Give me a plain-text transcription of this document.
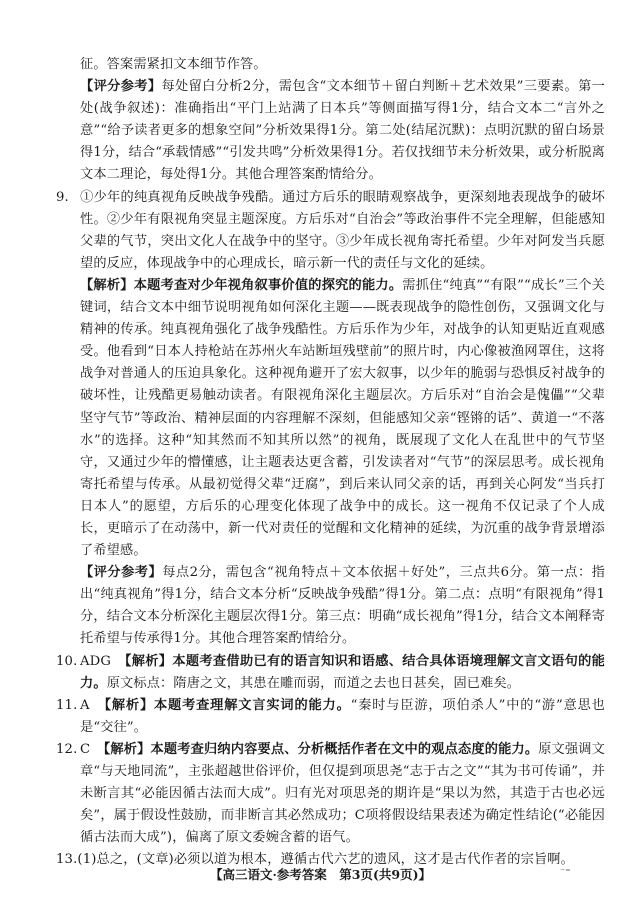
征。答案需紧扣文本细节作答。

【评分参考】每处留白分析2分，需包含“文本细节＋留白判断＋艺术效果”三要素。第一处(战争叙述)：准确指出“平门上站满了日本兵”等侧面描写得1分，结合文本二“言外之意”“给予读者更多的想象空间”分析效果得1分。第二处(结尾沉默)：点明沉默的留白场景得1分，结合“承载情感”“引发共鸣”分析效果得1分。若仅找细节未分析效果，或分析脱离文本二理论，每处得1分。其他合理答案酌情给分。

9. ①少年的纯真视角反映战争残酷。通过方后乐的眼睛观察战争，更深刻地表现战争的破坏性。②少年有限视角突显主题深度。方后乐对“自治会”等政治事件不完全理解，但能感知父辈的气节，突出文化人在战争中的坚守。③少年成长视角寄托希望。少年对阿发当兵愿望的反应，体现战争中的心理成长，暗示新一代的责任与文化的延续。

【解析】本题考查对少年视角叙事价值的探究的能力。需抓住“纯真”“有限”“成长”三个关键词，结合文本中细节说明视角如何深化主题——既表现战争的隐性创伤，又强调文化与精神的传承。纯真视角强化了战争残酷性。方后乐作为少年，对战争的认知更贴近直观感受。他看到“日本人持枪站在苏州火车站断垣残壁前”的照片时，内心像被渔网罩住，这将战争对普通人的压迫具象化。这种视角避开了宏大叙事，以少年的脆弱与恐惧反衬战争的破坏性，让残酷更易触动读者。有限视角深化主题层次。方后乐对“自治会是傀儡”“父辈坚守气节”等政治、精神层面的内容理解不深刻，但能感知父亲“铿锵的话”、黄道一“不落水”的选择。这种“知其然而不知其所以然”的视角，既展现了文化人在乱世中的气节坚守，又通过少年的懵懂感，让主题表达更含蓄，引发读者对“气节”的深层思考。成长视角寄托希望与传承。从最初觉得父辈“迂腐”，到后来认同父亲的话，再到关心阿发“当兵打日本人”的愿望，方后乐的心理变化体现了战争中的成长。这一视角不仅记录了个人成长，更暗示了在动荡中，新一代对责任的觉醒和文化精神的延续，为沉重的战争背景增添了希望感。

【评分参考】每点2分，需包含“视角特点＋文本依据＋好处”，三点共6分。第一点：指出“纯真视角”得1分，结合文本分析“反映战争残酷”得1分。第二点：点明“有限视角”得1分，结合文本分析深化主题层次得1分。第三点：明确“成长视角”得1分，结合文本阐释寄托希望与传承得1分。其他合理答案酌情给分。

10. ADG　 【解析】本题考查借助已有的语言知识和语感、结合具体语境理解文言文语句的能力。原文标点：隋唐之文，其患在雕而弱，而道之去也日甚矣，固已难矣。

11. A　 【解析】本题考查理解文言实词的能力。“秦时与臣游，项伯杀人”中的“游”意思也是“交往”。

12. C　 【解析】本题考查归纳内容要点、分析概括作者在文中的观点态度的能力。原文强调文章“与天地同流”，主张超越世俗评价，但仅提到项思尧“志于古之文”“其为书可传诵”，并未断言其“必能因循古法而大成”。归有光对项思尧的期许是“果以为然，其造于古也必远矣”，属于假设性鼓励，而非断言其必然成功；C项将假设结果表述为确定性结论(“必能因循古法而大成”)，偏离了原文委婉含蓄的语气。

13.(1)总之，(文章)必须以道为根本，遵循古代六艺的遗风，这才是古代作者的宗旨啊。

【高三语文·参考答案　第3页(共9页)】	⁻⁼
